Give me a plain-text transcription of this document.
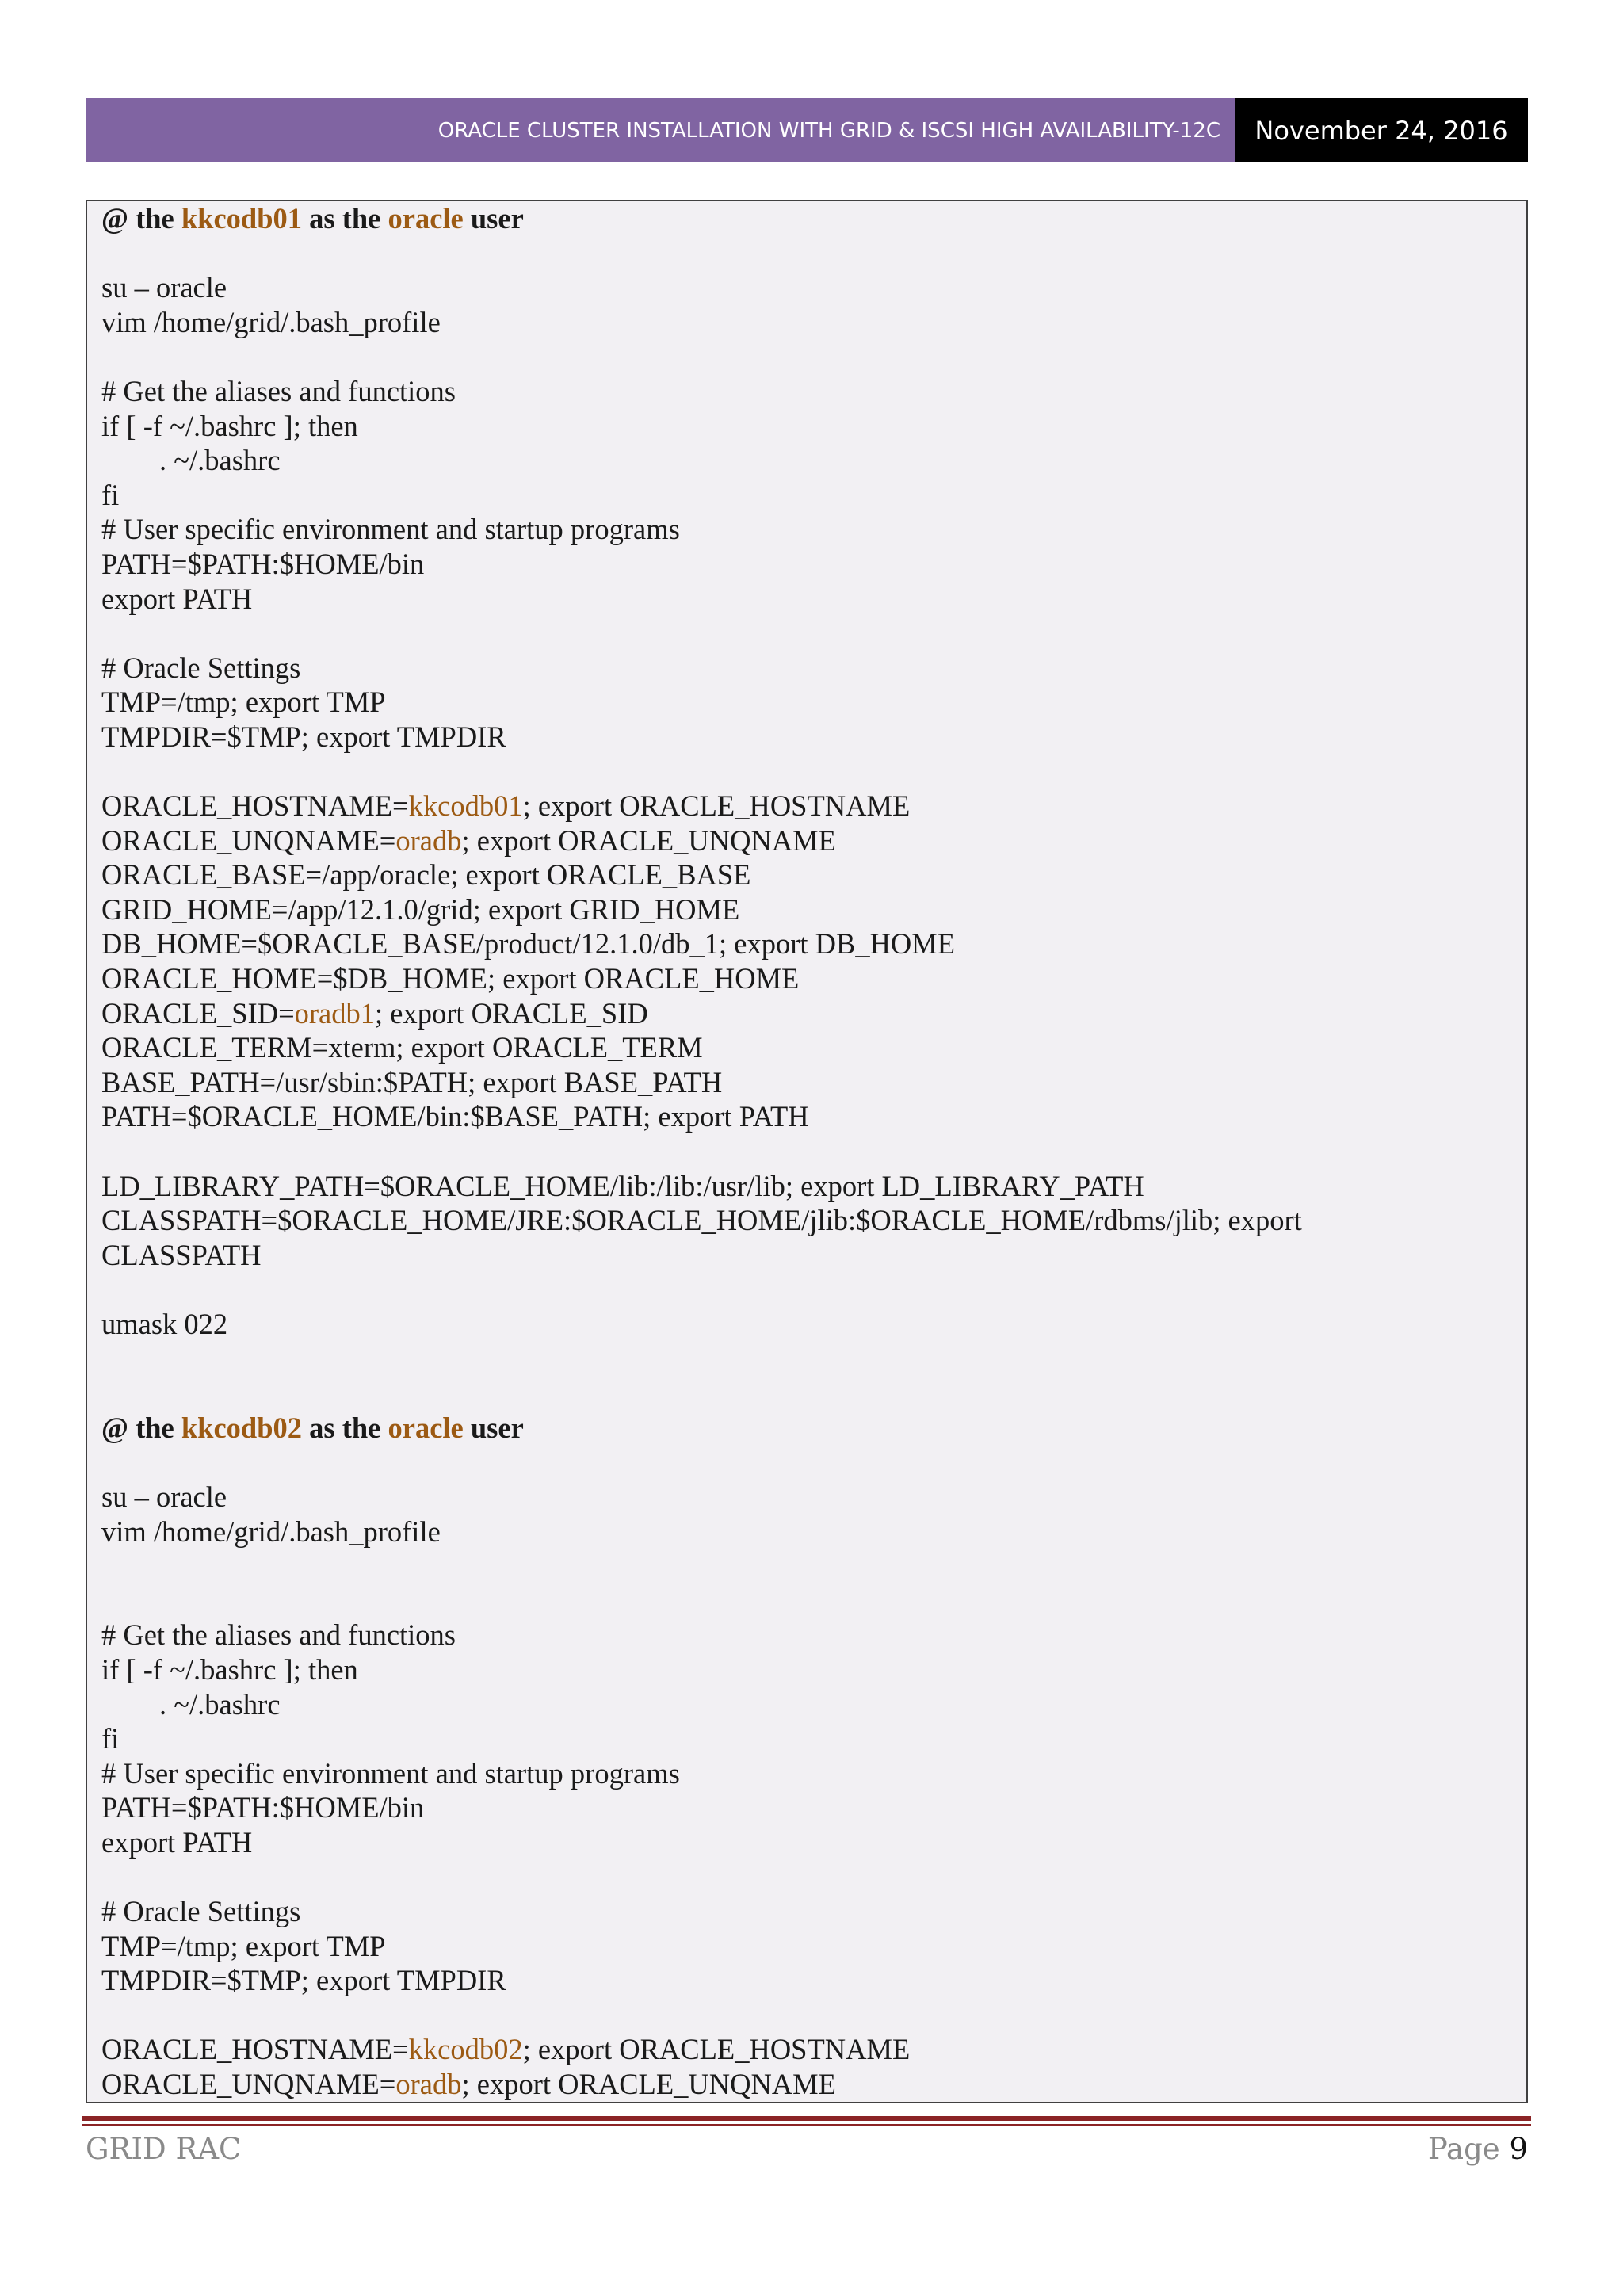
ORACLE CLUSTER INSTALLATION WITH GRID & ISCSI HIGH AVAILABILITY-12C	November 24, 2016
@ the kkcodb01 as the oracle user
su – oracle
vim /home/grid/.bash_profile
# Get the aliases and functions
if [ -f ~/.bashrc ]; then
. ~/.bashrc
fi
# User specific environment and startup programs
PATH=$PATH:$HOME/bin
export PATH
# Oracle Settings
TMP=/tmp; export TMP
TMPDIR=$TMP; export TMPDIR
ORACLE_HOSTNAME=kkcodb01; export ORACLE_HOSTNAME
ORACLE_UNQNAME=oradb; export ORACLE_UNQNAME
ORACLE_BASE=/app/oracle; export ORACLE_BASE
GRID_HOME=/app/12.1.0/grid; export GRID_HOME
DB_HOME=$ORACLE_BASE/product/12.1.0/db_1; export DB_HOME
ORACLE_HOME=$DB_HOME; export ORACLE_HOME
ORACLE_SID=oradb1; export ORACLE_SID
ORACLE_TERM=xterm; export ORACLE_TERM
BASE_PATH=/usr/sbin:$PATH; export BASE_PATH
PATH=$ORACLE_HOME/bin:$BASE_PATH; export PATH
LD_LIBRARY_PATH=$ORACLE_HOME/lib:/lib:/usr/lib; export LD_LIBRARY_PATH
CLASSPATH=$ORACLE_HOME/JRE:$ORACLE_HOME/jlib:$ORACLE_HOME/rdbms/jlib; export
CLASSPATH
umask 022
@ the kkcodb02 as the oracle user
su – oracle
vim /home/grid/.bash_profile
# Get the aliases and functions
if [ -f ~/.bashrc ]; then
. ~/.bashrc
fi
# User specific environment and startup programs
PATH=$PATH:$HOME/bin
export PATH
# Oracle Settings
TMP=/tmp; export TMP
TMPDIR=$TMP; export TMPDIR
ORACLE_HOSTNAME=kkcodb02; export ORACLE_HOSTNAME
ORACLE_UNQNAME=oradb; export ORACLE_UNQNAME
GRID RAC	Page 9
